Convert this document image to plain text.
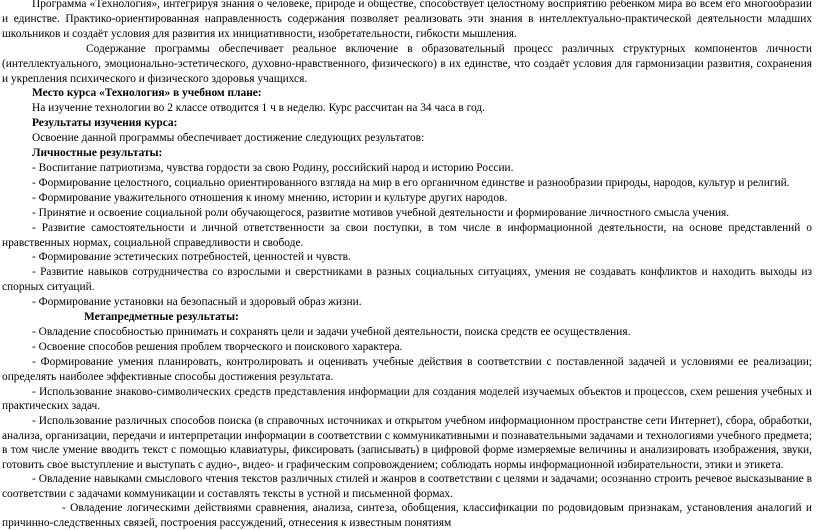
Программа «Технология», интегрируя знания о человеке, природе и обществе, способствует целостному восприятию ребенком мира во всем его многообразии и единстве. Практико-ориентированная направленность содержания позволяет реализовать эти знания в интеллектуально-практической деятельности младших школьников и создаёт условия для развития их инициативности, изобретательности, гибкости мышления.

Содержание программы обеспечивает реальное включение в образовательный процесс различных структурных компонентов личности (интеллектуального, эмоционально-эстетического, духовно-нравственного, физического) в их единстве, что создаёт условия для гармонизации развития, сохранения и укрепления психического и физического здоровья учащихся.

Место курса «Технология» в учебном плане:

На изучение технологии во 2 классе отводится 1 ч в неделю. Курс рассчитан на 34 часа в год.

Результаты изучения курса:

Освоение данной программы обеспечивает достижение следующих результатов:

Личностные результаты:

- Воспитание патриотизма, чувства гордости за свою Родину, российский народ и историю России.

- Формирование целостного, социально ориентированного взгляда на мир в его органичном единстве и разнообразии природы, народов, культур и религий.

- Формирование уважительного отношения к иному мнению, истории и культуре других народов.

- Принятие и освоение социальной роли обучающегося, развитие мотивов учебной деятельности и формирование личностного смысла учения.

- Развитие самостоятельности и личной ответственности за свои поступки, в том числе в информационной деятельности, на основе представлений о нравственных нормах, социальной справедливости и свободе.

- Формирование эстетических потребностей, ценностей и чувств.

- Развитие навыков сотрудничества со взрослыми и сверстниками в разных социальных ситуациях, умения не создавать конфликтов и находить выходы из спорных ситуаций.

- Формирование установки на безопасный и здоровый образ жизни.

Метапредметные результаты:

- Овладение способностью принимать и сохранять цели и задачи учебной деятельности, поиска средств ее осуществления.

- Освоение способов решения проблем творческого и поискового характера.

- Формирование умения планировать, контролировать и оценивать учебные действия в соответствии с поставленной задачей и условиями ее реализации; определять наиболее эффективные способы достижения результата.

- Использование знаково-символических средств представления информации для создания моделей изучаемых объектов и процессов, схем решения учебных и практических задач.

- Использование различных способов поиска (в справочных источниках и открытом учебном информационном пространстве сети Интернет), сбора, обработки, анализа, организации, передачи и интерпретации информации в соответствии с коммуникативными и познавательными задачами и технологиями учебного предмета; в том числе умение вводить текст с помощью клавиатуры, фиксировать (записывать) в цифровой форме измеряемые величины и анализировать изображения, звуки, готовить свое выступление и выступать с аудио-, видео- и графическим сопровождением; соблюдать нормы информационной избирательности, этики и этикета.

- Овладение навыками смыслового чтения текстов различных стилей и жанров в соответствии с целями и задачами; осознанно строить речевое высказывание в соответствии с задачами коммуникации и составлять тексты в устной и письменной формах.

- Овладение логическими действиями сравнения, анализа, синтеза, обобщения, классификации по родовидовым признакам, установления аналогий и причинно-следственных связей, построения рассуждений, отнесения к известным понятиям
